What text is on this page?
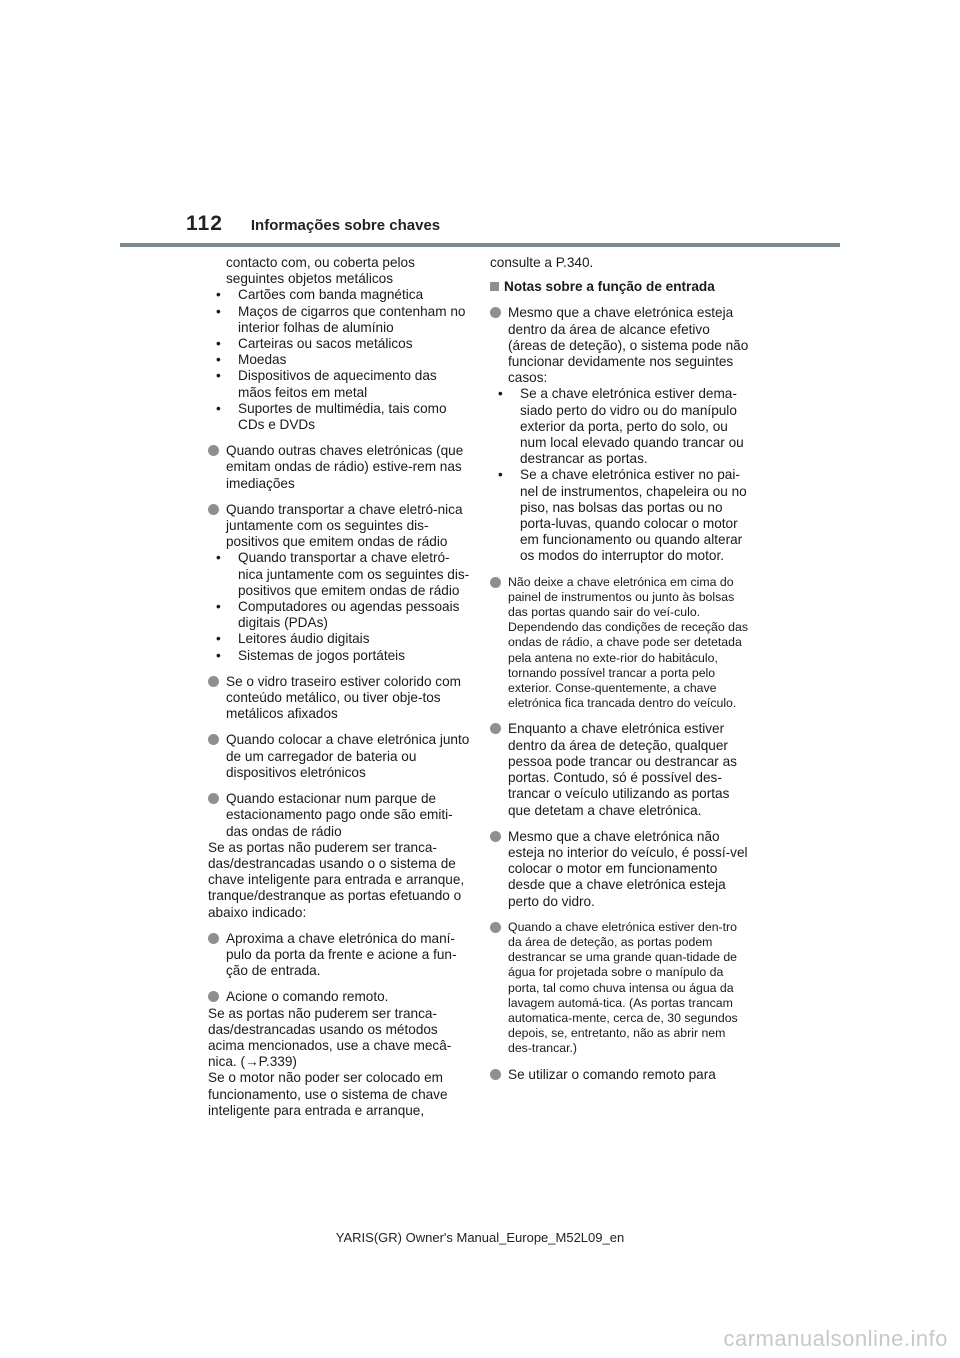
112 Informações sobre chaves

contacto com, ou coberta pelos seguintes objetos metálicos

• Cartões com banda magnética

• Maços de cigarros que contenham no interior folhas de alumínio

• Carteiras ou sacos metálicos

• Moedas

• Dispositivos de aquecimento das mãos feitos em metal

• Suportes de multimédia, tais como CDs e DVDs

Quando outras chaves eletrónicas (que emitam ondas de rádio) estive-rem nas imediações
Quando transportar a chave eletró-nica juntamente com os seguintes dis-positivos que emitem ondas de rádio

• Quando transportar a chave eletró-nica juntamente com os seguintes dis-positivos que emitem ondas de rádio

• Computadores ou agendas pessoais digitais (PDAs)

• Leitores áudio digitais

• Sistemas de jogos portáteis

Se o vidro traseiro estiver colorido com conteúdo metálico, ou tiver obje-tos metálicos afixados
Quando colocar a chave eletrónica junto de um carregador de bateria ou dispositivos eletrónicos
Quando estacionar num parque de estacionamento pago onde são emiti-das ondas de rádio

Se as portas não puderem ser tranca-das/destrancadas usando o o sistema de chave inteligente para entrada e arranque, tranque/destranque as portas efetuando o abaixo indicado:

Aproxima a chave eletrónica do maní-pulo da porta da frente e acione a fun-ção de entrada.
Acione o comando remoto.

Se as portas não puderem ser tranca-das/destrancadas usando os métodos acima mencionados, use a chave mecâ-nica. (→P.339)

Se o motor não poder ser colocado em funcionamento, use o sistema de chave inteligente para entrada e arranque,

consulte a P.340.

Notas sobre a função de entrada
Mesmo que a chave eletrónica esteja dentro da área de alcance efetivo (áreas de deteção), o sistema pode não funcionar devidamente nos seguintes casos:

• Se a chave eletrónica estiver dema-siado perto do vidro ou do manípulo exterior da porta, perto do solo, ou num local elevado quando trancar ou destrancar as portas.

• Se a chave eletrónica estiver no pai-nel de instrumentos, chapeleira ou no piso, nas bolsas das portas ou no porta-luvas, quando colocar o motor em funcionamento ou quando alterar os modos do interruptor do motor.

Não deixe a chave eletrónica em cima do painel de instrumentos ou junto às bolsas das portas quando sair do veí-culo. Dependendo das condições de receção das ondas de rádio, a chave pode ser detetada pela antena no exte-rior do habitáculo, tornando possível trancar a porta pelo exterior. Conse-quentemente, a chave eletrónica fica trancada dentro do veículo.
Enquanto a chave eletrónica estiver dentro da área de deteção, qualquer pessoa pode trancar ou destrancar as portas. Contudo, só é possível des-trancar o veículo utilizando as portas que detetam a chave eletrónica.
Mesmo que a chave eletrónica não esteja no interior do veículo, é possí-vel colocar o motor em funcionamento desde que a chave eletrónica esteja perto do vidro.
Quando a chave eletrónica estiver den-tro da área de deteção, as portas podem destrancar se uma grande quan-tidade de água for projetada sobre o manípulo da porta, tal como chuva intensa ou água da lavagem automá-tica. (As portas trancam automatica-mente, cerca de, 30 segundos depois, se, entretanto, não as abrir nem des-trancar.)
Se utilizar o comando remoto para
YARIS(GR) Owner's Manual_Europe_M52L09_en
carmanualsonline.info
